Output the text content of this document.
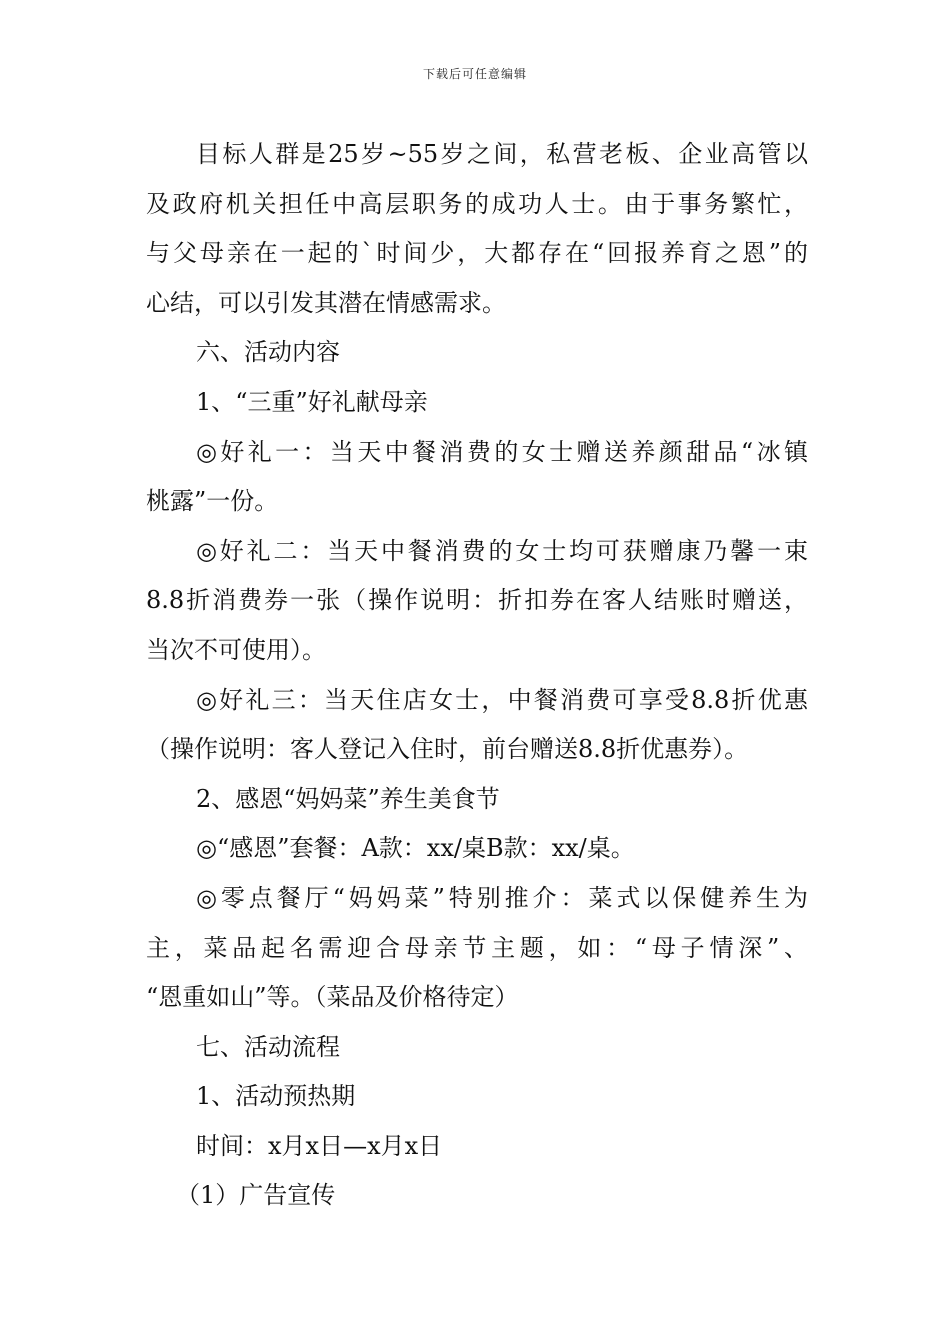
下载后可任意编辑
目标人群是25岁~55岁之间，私营老板、企业高管以
及政府机关担任中高层职务的成功人士。由于事务繁忙，
与父母亲在一起的`时间少，大都存在“回报养育之恩”的
心结，可以引发其潜在情感需求。
六、活动内容
1、“三重”好礼献母亲
◎好礼一：当天中餐消费的女士赠送养颜甜品“冰镇
桃露”一份。
◎好礼二：当天中餐消费的女士均可获赠康乃馨一束
8.8折消费券一张（操作说明：折扣券在客人结账时赠送，
当次不可使用）。
◎好礼三：当天住店女士，中餐消费可享受8.8折优惠
（操作说明：客人登记入住时，前台赠送8.8折优惠券）。
2、感恩“妈妈菜”养生美食节
◎“感恩”套餐：A款：xx/桌B款：xx/桌。
◎零点餐厅“妈妈菜”特别推介：菜式以保健养生为
主，菜品起名需迎合母亲节主题，如：“母子情深”、
“恩重如山”等。（菜品及价格待定）
七、活动流程
1、活动预热期
时间：x月x日—x月x日
（1）广告宣传
